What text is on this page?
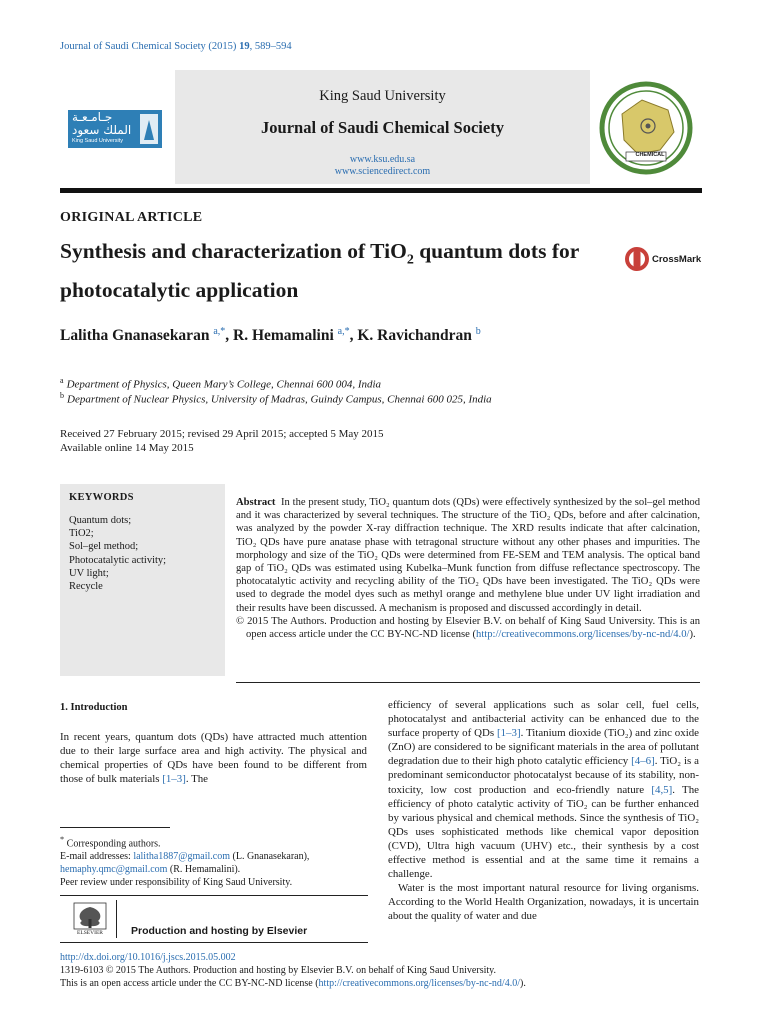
Journal of Saudi Chemical Society (2015) 19, 589–594
جـامـعـة
الملك سعود
King Saud University
King Saud University
Journal of Saudi Chemical Society
www.ksu.edu.sa
www.sciencedirect.com
CHEMICAL
ORIGINAL ARTICLE
Synthesis and characterization of TiO$_2$ quantum dots for photocatalytic application
CrossMark
Lalitha Gnanasekaran $^{a,*}$, R. Hemamalini $^{a,*}$, K. Ravichandran $^b$
$^a$ Department of Physics, Queen Mary’s College, Chennai 600 004, India
$^b$ Department of Nuclear Physics, University of Madras, Guindy Campus, Chennai 600 025, India
Received 27 February 2015; revised 29 April 2015; accepted 5 May 2015
Available online 14 May 2015
KEYWORDS
Quantum dots;
TiO2;
Sol–gel method;
Photocatalytic activity;
UV light;
Recycle
Abstract In the present study, TiO₂ quantum dots (QDs) were effectively synthesized by the sol–gel method and it was characterized by several techniques. The structure of the TiO₂ QDs, before and after calcination, was analyzed by the powder X-ray diffraction technique. The XRD results indicate that after calcination, TiO₂ QDs have pure anatase phase with tetragonal structure without any other phases and impurities. The morphology and size of the TiO₂ QDs were determined from FE-SEM and TEM analysis. The optical band gap of TiO₂ QDs was estimated using Kubelka–Munk function from diffuse reflectance spectroscopy. The photocatalytic activity and recycling ability of the TiO₂ QDs have been investigated. The TiO₂ QDs were used to degrade the model dyes such as methyl orange and methylene blue under UV light irradiation and their results have been discussed. A mechanism is proposed and discussed accordingly in detail.
© 2015 The Authors. Production and hosting by Elsevier B.V. on behalf of King Saud University. This is an open access article under the CC BY-NC-ND license (http://creativecommons.org/licenses/by-nc-nd/4.0/).
1. Introduction
In recent years, quantum dots (QDs) have attracted much attention due to their large surface area and high activity. The physical and chemical properties of QDs have been found to be different from those of bulk materials [1–3]. The

efficiency of several applications such as solar cell, fuel cells, photocatalyst and antibacterial activity can be enhanced due to the surface property of QDs [1–3]. Titanium dioxide (TiO₂) and zinc oxide (ZnO) are considered to be significant materials in the area of pollutant degradation due to their high photo catalytic efficiency [4–6]. TiO₂ is a predominant semiconductor photocatalyst because of its stability, non-toxicity, low cost production and eco-friendly nature [4,5]. The efficiency of photo catalytic activity of TiO₂ can be further enhanced by various physical and chemical methods. Since the synthesis of TiO₂ QDs uses sophisticated methods like chemical vapor deposition (CVD), Ultra high vacuum (UHV) etc., their synthesis by a cost effective method is essential and at the same time it remains a challenge.

Water is the most important natural resource for living organisms. According to the World Health Organization, nowadays, it is uncertain about the quality of water and due

* Corresponding authors.
E-mail addresses: lalitha1887@gmail.com (L. Gnanasekaran), hemaphy.qmc@gmail.com (R. Hemamalini).
Peer review under responsibility of King Saud University.
ELSEVIER	Production and hosting by Elsevier
http://dx.doi.org/10.1016/j.jscs.2015.05.002
1319-6103 © 2015 The Authors. Production and hosting by Elsevier B.V. on behalf of King Saud University.
This is an open access article under the CC BY-NC-ND license (http://creativecommons.org/licenses/by-nc-nd/4.0/).
